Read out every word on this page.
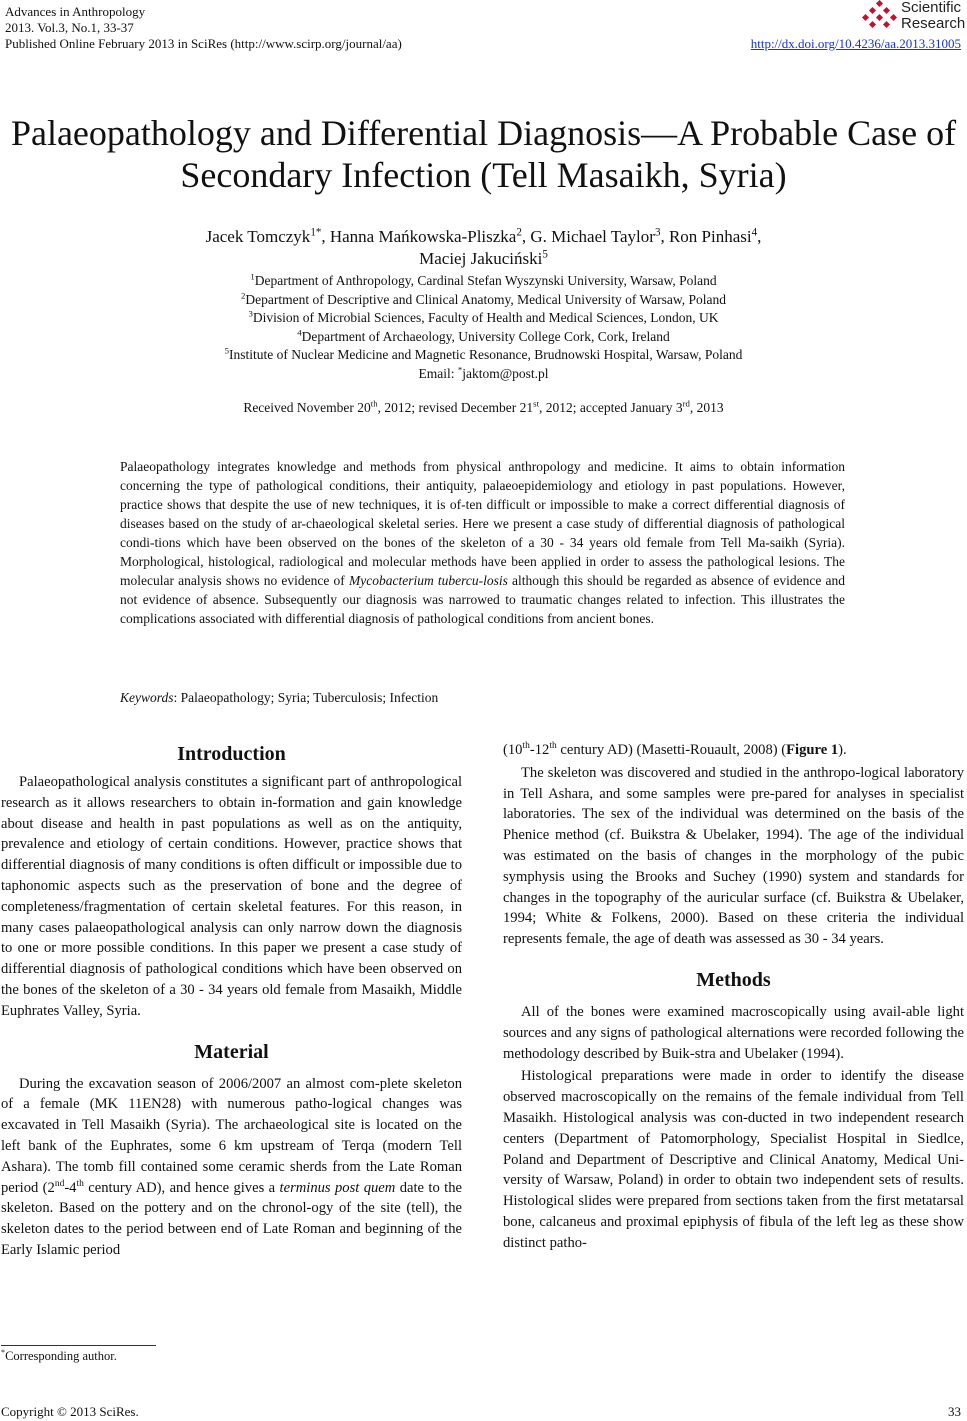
Advances in Anthropology
2013. Vol.3, No.1, 33-37
Published Online February 2013 in SciRes (http://www.scirp.org/journal/aa)
Scientific
Research
http://dx.doi.org/10.4236/aa.2013.31005
Palaeopathology and Differential Diagnosis—A Probable Case of
Secondary Infection (Tell Masaikh, Syria)
Jacek Tomczyk$^{1*}$, Hanna Mańkowska-Pliszka$^2$, G. Michael Taylor$^3$, Ron Pinhasi$^4$,
Maciej Jakuciński$^5$
$^1$Department of Anthropology, Cardinal Stefan Wyszynski University, Warsaw, Poland
$^2$Department of Descriptive and Clinical Anatomy, Medical University of Warsaw, Poland
$^3$Division of Microbial Sciences, Faculty of Health and Medical Sciences, London, UK
$^4$Department of Archaeology, University College Cork, Cork, Ireland
$^5$Institute of Nuclear Medicine and Magnetic Resonance, Brudnowski Hospital, Warsaw, Poland
Email: *jaktom@post.pl
Received November 20th, 2012; revised December 21st, 2012; accepted January 3rd, 2013
Palaeopathology integrates knowledge and methods from physical anthropology and medicine. It aims to obtain information concerning the type of pathological conditions, their antiquity, palaeoepidemiology and etiology in past populations. However, practice shows that despite the use of new techniques, it is of-ten difficult or impossible to make a correct differential diagnosis of diseases based on the study of ar-chaeological skeletal series. Here we present a case study of differential diagnosis of pathological condi-tions which have been observed on the bones of the skeleton of a 30 - 34 years old female from Tell Ma-saikh (Syria). Morphological, histological, radiological and molecular methods have been applied in order to assess the pathological lesions. The molecular analysis shows no evidence of Mycobacterium tubercu-losis although this should be regarded as absence of evidence and not evidence of absence. Subsequently our diagnosis was narrowed to traumatic changes related to infection. This illustrates the complications associated with differential diagnosis of pathological conditions from ancient bones.
Keywords: Palaeopathology; Syria; Tuberculosis; Infection
Introduction

Palaeopathological analysis constitutes a significant part of anthropological research as it allows researchers to obtain in-formation and gain knowledge about disease and health in past populations as well as on the antiquity, prevalence and etiology of certain conditions. However, practice shows that differential diagnosis of many conditions is often difficult or impossible due to taphonomic aspects such as the preservation of bone and the degree of completeness/fragmentation of certain skeletal features. For this reason, in many cases palaeopathological analysis can only narrow down the diagnosis to one or more possible conditions. In this paper we present a case study of differential diagnosis of pathological conditions which have been observed on the bones of the skeleton of a 30 - 34 years old female from Masaikh, Middle Euphrates Valley, Syria.

Material

During the excavation season of 2006/2007 an almost com-plete skeleton of a female (MK 11EN28) with numerous patho-logical changes was excavated in Tell Masaikh (Syria). The archaeological site is located on the left bank of the Euphrates, some 6 km upstream of Terqa (modern Tell Ashara). The tomb fill contained some ceramic sherds from the Late Roman period (2nd-4th century AD), and hence gives a terminus post quem date to the skeleton. Based on the pottery and on the chronol-ogy of the site (tell), the skeleton dates to the period between end of Late Roman and beginning of the Early Islamic period

(10th-12th century AD) (Masetti-Rouault, 2008) (Figure 1).

The skeleton was discovered and studied in the anthropo-logical laboratory in Tell Ashara, and some samples were pre-pared for analyses in specialist laboratories. The sex of the individual was determined on the basis of the Phenice method (cf. Buikstra & Ubelaker, 1994). The age of the individual was estimated on the basis of changes in the morphology of the pubic symphysis using the Brooks and Suchey (1990) system and standards for changes in the topography of the auricular surface (cf. Buikstra & Ubelaker, 1994; White & Folkens, 2000). Based on these criteria the individual represents female, the age of death was assessed as 30 - 34 years.

Methods

All of the bones were examined macroscopically using avail-able light sources and any signs of pathological alternations were recorded following the methodology described by Buik-stra and Ubelaker (1994).

Histological preparations were made in order to identify the disease observed macroscopically on the remains of the female individual from Tell Masaikh. Histological analysis was con-ducted in two independent research centers (Department of Patomorphology, Specialist Hospital in Siedlce, Poland and Department of Descriptive and Clinical Anatomy, Medical Uni-versity of Warsaw, Poland) in order to obtain two independent sets of results. Histological slides were prepared from sections taken from the first metatarsal bone, calcaneus and proximal epiphysis of fibula of the left leg as these show distinct patho-

*Corresponding author.
Copyright © 2013 SciRes.	33
